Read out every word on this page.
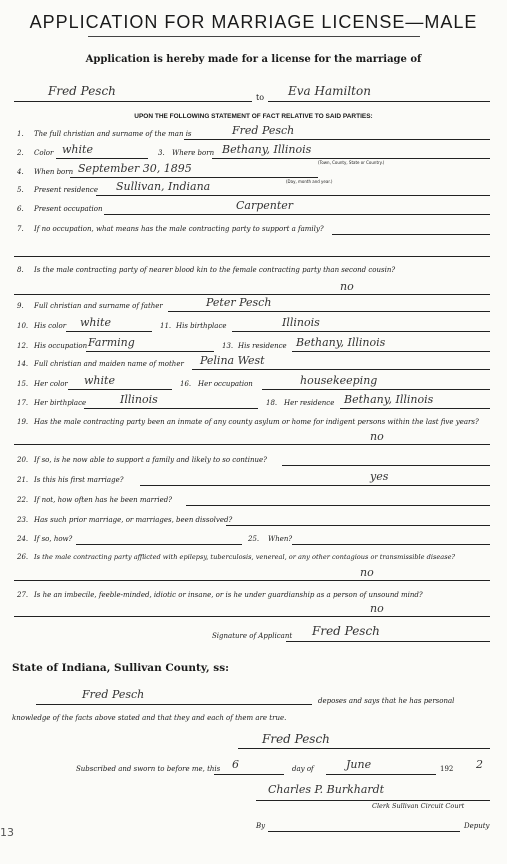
APPLICATION FOR MARRIAGE LICENSE—MALE
Application is hereby made for a license for the marriage of
Fred Pesch	to Eva Hamilton
UPON THE FOLLOWING STATEMENT OF FACT RELATIVE TO SAID PARTIES:
1. The full christian and surname of the man is	Fred Pesch
2. Color white	3. Where born Bethany, Illinois
(Town, County, State or Country.)
4. When born September 30, 1895
(Day, month and year.)
5. Present residence Sullivan, Indiana
6. Present occupation	Carpenter
7. If no occupation, what means has the male contracting party to support a family?
8. Is the male contracting party of nearer blood kin to the female contracting party than second cousin?
no
9. Full christian and surname of father	Peter Pesch
10. His color white	11. His birthplace	Illinois
12. His occupation Farming	13. His residence Bethany, Illinois
14. Full christian and maiden name of mother Pelina West
15. Her color white	16. Her occupation	housekeeping
17. Her birthplace	Illinois	18. Her residence Bethany, Illinois
19. Has the male contracting party been an inmate of any county asylum or home for indigent persons within the last five years?
no
20. If so, is he now able to support a family and likely to so continue?
21. Is this his first marriage?	yes
22. If not, how often has he been married?
23. Has such prior marriage, or marriages, been dissolved?
24. If so, how?	25. When?
26. Is the male contracting party afflicted with epilepsy, tuberculosis, venereal, or any other contagious or transmissible disease?
no
27. Is he an imbecile, feeble-minded, idiotic or insane, or is he under guardianship as a person of unsound mind?
no
Signature of Applicant Fred Pesch
State of Indiana, Sullivan County, ss:
Fred Pesch	deposes and says that he has personal
knowledge of the facts above stated and that they and each of them are true.
Fred Pesch
Subscribed and sworn to before me, this 6	day of	June	192 2
Charles P. Burkhardt
Clerk Sullivan Circuit Court
By	Deputy
13
